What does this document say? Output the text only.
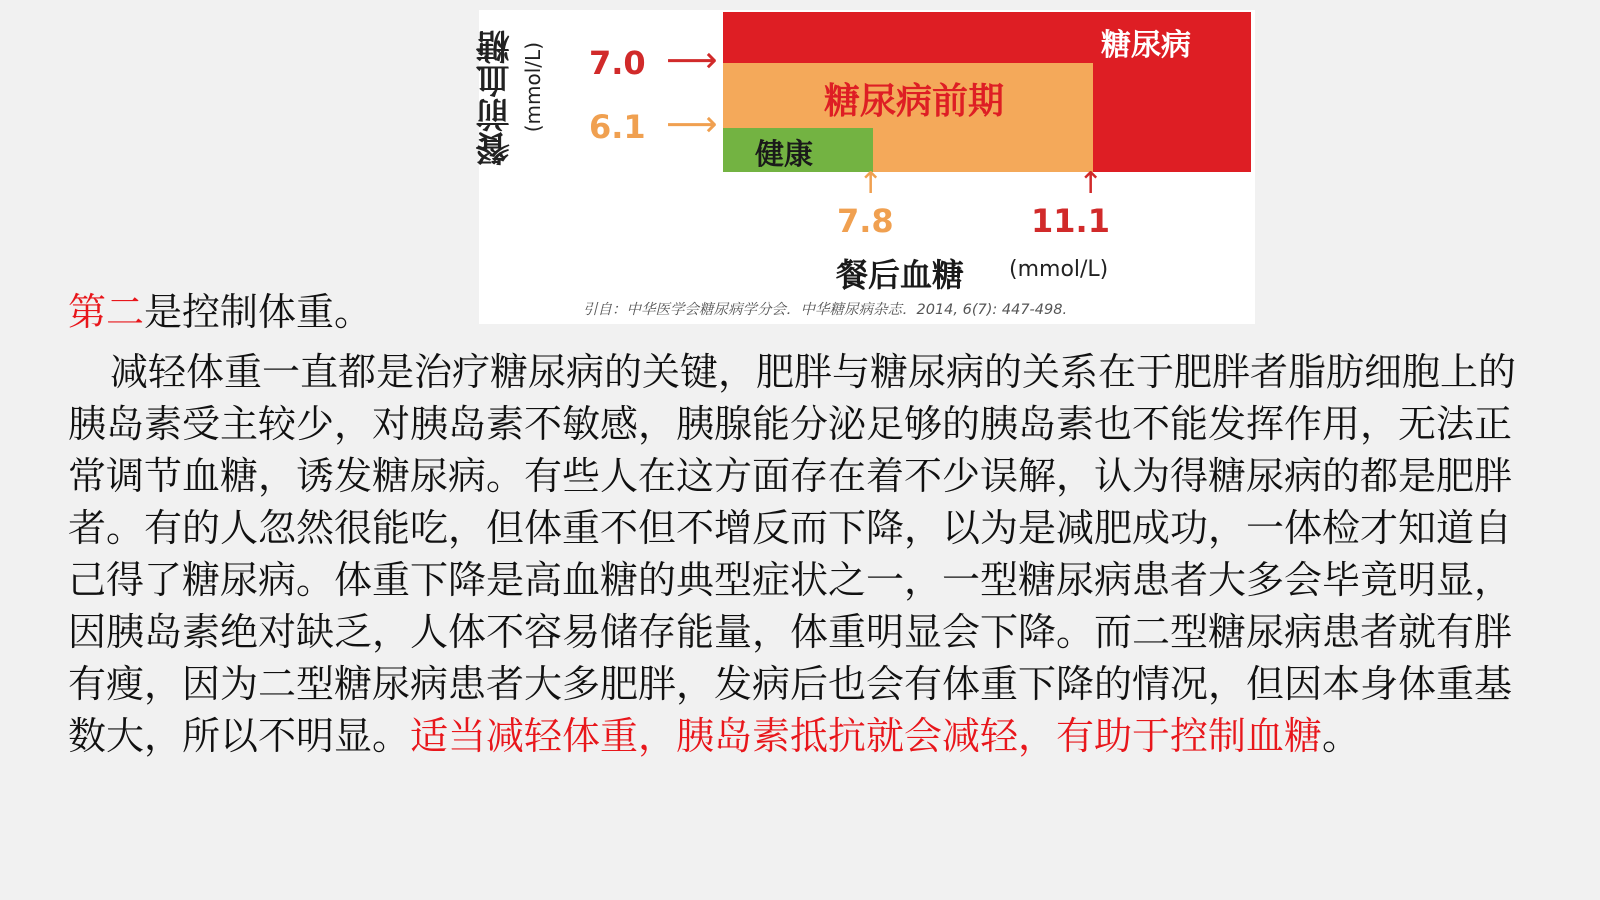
糖尿病
糖尿病前期
健康
餐前血糖 (mmol/L) 7.0 ⟶
6.1 ⟶
↑
7.8
↑
11.1
餐后血糖 (mmol/L)
引自：中华医学会糖尿病学分会．中华糖尿病杂志．2014, 6(7): 447-498.
第二是控制体重。
减轻体重一直都是治疗糖尿病的关键，肥胖与糖尿病的关系在于肥胖者脂肪细胞上的胰岛素受主较少，对胰岛素不敏感，胰腺能分泌足够的胰岛素也不能发挥作用，无法正常调节血糖，诱发糖尿病。有些人在这方面存在着不少误解，认为得糖尿病的都是肥胖者。有的人忽然很能吃，但体重不但不增反而下降，以为是减肥成功，一体检才知道自己得了糖尿病。体重下降是高血糖的典型症状之一，一型糖尿病患者大多会毕竟明显，因胰岛素绝对缺乏，人体不容易储存能量，体重明显会下降。而二型糖尿病患者就有胖有瘦，因为二型糖尿病患者大多肥胖，发病后也会有体重下降的情况，但因本身体重基数大，所以不明显。适当减轻体重，胰岛素抵抗就会减轻，有助于控制血糖。
